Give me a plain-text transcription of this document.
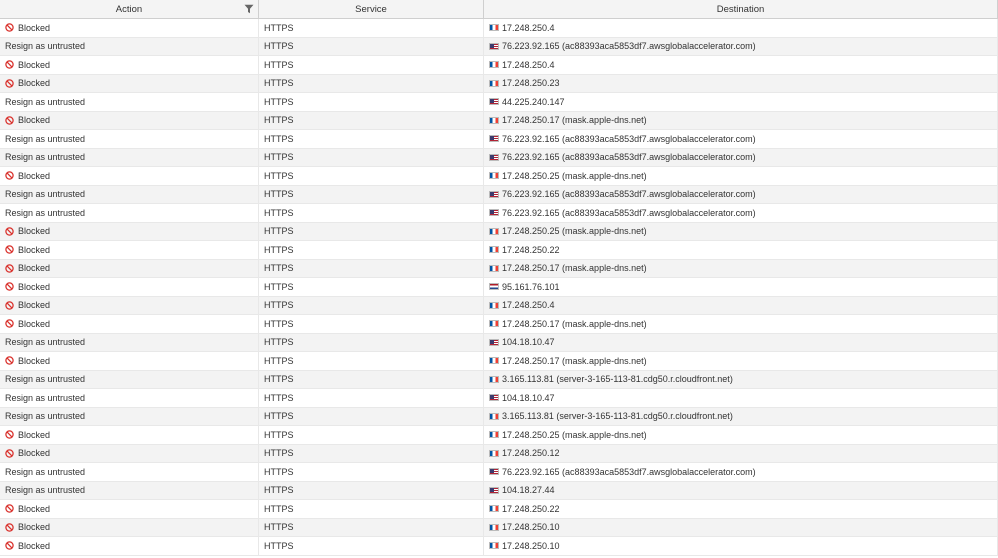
Action	Service	Destination
Blocked	HTTPS	17.248.250.4
Resign as untrusted	HTTPS	76.223.92.165 (ac88393aca5853df7.awsglobalaccelerator.com)
Blocked	HTTPS	17.248.250.4
Blocked	HTTPS	17.248.250.23
Resign as untrusted	HTTPS	44.225.240.147
Blocked	HTTPS	17.248.250.17 (mask.apple-dns.net)
Resign as untrusted	HTTPS	76.223.92.165 (ac88393aca5853df7.awsglobalaccelerator.com)
Resign as untrusted	HTTPS	76.223.92.165 (ac88393aca5853df7.awsglobalaccelerator.com)
Blocked	HTTPS	17.248.250.25 (mask.apple-dns.net)
Resign as untrusted	HTTPS	76.223.92.165 (ac88393aca5853df7.awsglobalaccelerator.com)
Resign as untrusted	HTTPS	76.223.92.165 (ac88393aca5853df7.awsglobalaccelerator.com)
Blocked	HTTPS	17.248.250.25 (mask.apple-dns.net)
Blocked	HTTPS	17.248.250.22
Blocked	HTTPS	17.248.250.17 (mask.apple-dns.net)
Blocked	HTTPS	95.161.76.101
Blocked	HTTPS	17.248.250.4
Blocked	HTTPS	17.248.250.17 (mask.apple-dns.net)
Resign as untrusted	HTTPS	104.18.10.47
Blocked	HTTPS	17.248.250.17 (mask.apple-dns.net)
Resign as untrusted	HTTPS	3.165.113.81 (server-3-165-113-81.cdg50.r.cloudfront.net)
Resign as untrusted	HTTPS	104.18.10.47
Resign as untrusted	HTTPS	3.165.113.81 (server-3-165-113-81.cdg50.r.cloudfront.net)
Blocked	HTTPS	17.248.250.25 (mask.apple-dns.net)
Blocked	HTTPS	17.248.250.12
Resign as untrusted	HTTPS	76.223.92.165 (ac88393aca5853df7.awsglobalaccelerator.com)
Resign as untrusted	HTTPS	104.18.27.44
Blocked	HTTPS	17.248.250.22
Blocked	HTTPS	17.248.250.10
Blocked	HTTPS	17.248.250.10
